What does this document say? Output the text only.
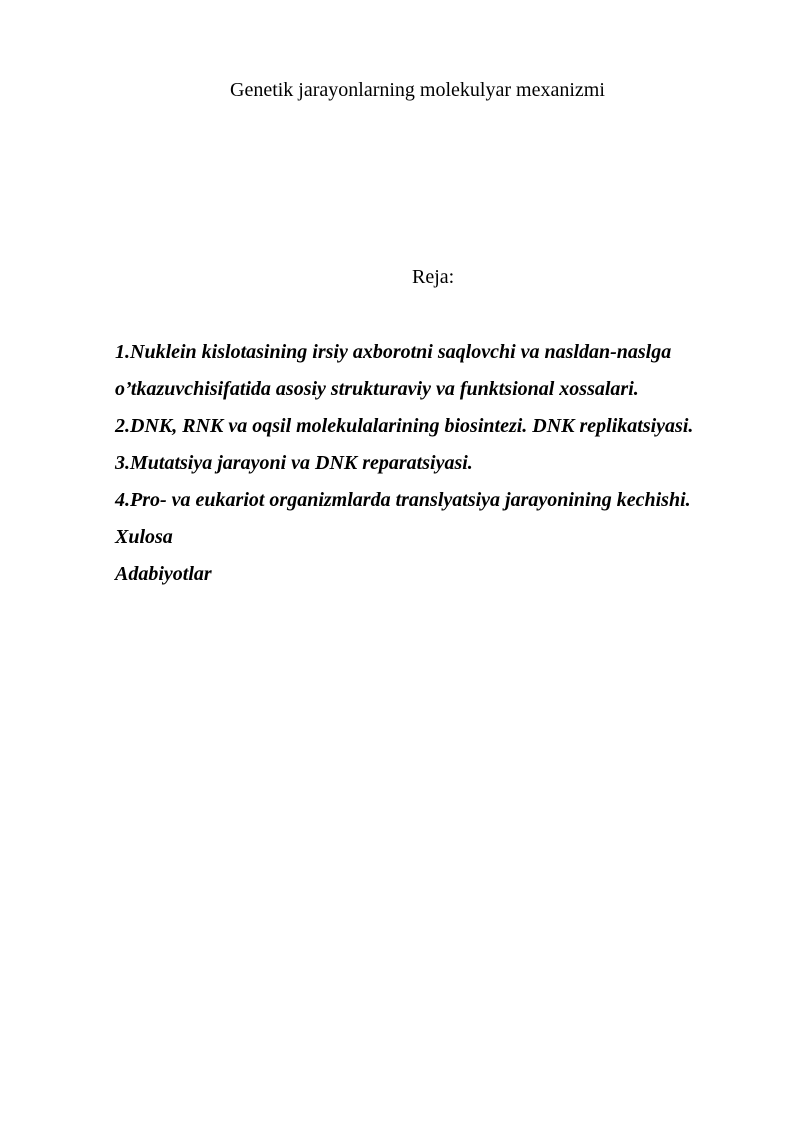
Genetik jarayonlarning molekulyar mexanizmi
Reja:
1.Nuklein kislotasining irsiy axborotni saqlovchi va nasldan-naslga
o’tkazuvchisifatida asosiy strukturaviy va funktsional xossalari.
2.DNK, RNK va oqsil molekulalarining biosintezi. DNK replikatsiyasi.
3.Mutatsiya jarayoni va DNK reparatsiyasi.
4.Pro- va eukariot organizmlarda translyatsiya jarayonining kechishi.
Xulosa
Adabiyotlar
